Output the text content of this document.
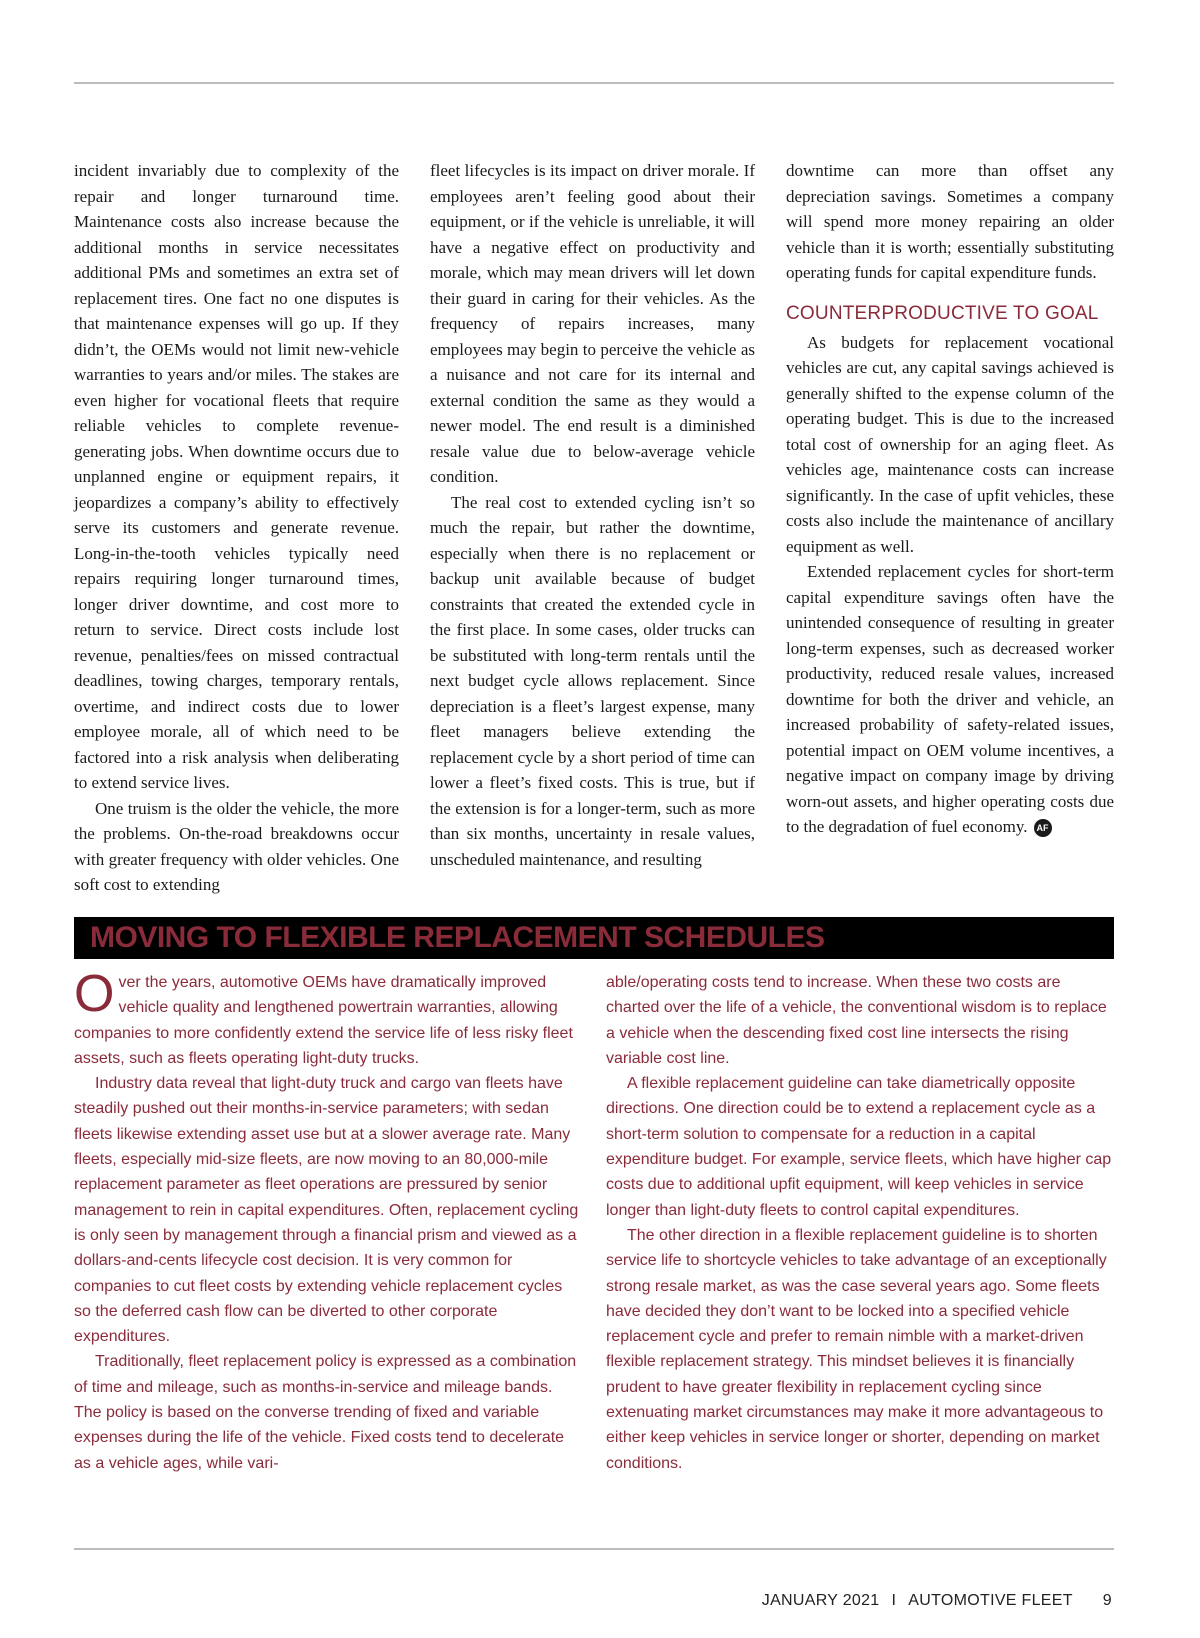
incident invariably due to complexity of the repair and longer turnaround time. Maintenance costs also increase because the additional months in service necessitates additional PMs and sometimes an extra set of replacement tires. One fact no one disputes is that maintenance expenses will go up. If they didn’t, the OEMs would not limit new-vehicle warranties to years and/or miles. The stakes are even higher for vocational fleets that require reliable vehicles to complete revenue-generating jobs. When downtime occurs due to unplanned engine or equipment repairs, it jeopardizes a company’s ability to effectively serve its customers and generate revenue. Long-in-the-tooth vehicles typically need repairs requiring longer turnaround times, longer driver downtime, and cost more to return to service. Direct costs include lost revenue, penalties/fees on missed contractual deadlines, towing charges, temporary rentals, overtime, and indirect costs due to lower employee morale, all of which need to be factored into a risk analysis when deliberating to extend service lives.

One truism is the older the vehicle, the more the problems. On-the-road breakdowns occur with greater frequency with older vehicles. One soft cost to extending

fleet lifecycles is its impact on driver morale. If employees aren’t feeling good about their equipment, or if the vehicle is unreliable, it will have a negative effect on productivity and morale, which may mean drivers will let down their guard in caring for their vehicles. As the frequency of repairs increases, many employees may begin to perceive the vehicle as a nuisance and not care for its internal and external condition the same as they would a newer model. The end result is a diminished resale value due to below-average vehicle condition.

The real cost to extended cycling isn’t so much the repair, but rather the downtime, especially when there is no replacement or backup unit available because of budget constraints that created the extended cycle in the first place. In some cases, older trucks can be substituted with long-term rentals until the next budget cycle allows replacement. Since depreciation is a fleet’s largest expense, many fleet managers believe extending the replacement cycle by a short period of time can lower a fleet’s fixed costs. This is true, but if the extension is for a longer-term, such as more than six months, uncertainty in resale values, unscheduled maintenance, and resulting

downtime can more than offset any depreciation savings. Sometimes a company will spend more money repairing an older vehicle than it is worth; essentially substituting operating funds for capital expenditure funds.

COUNTERPRODUCTIVE TO GOAL

As budgets for replacement vocational vehicles are cut, any capital savings achieved is generally shifted to the expense column of the operating budget. This is due to the increased total cost of ownership for an aging fleet. As vehicles age, maintenance costs can increase significantly. In the case of upfit vehicles, these costs also include the maintenance of ancillary equipment as well.

Extended replacement cycles for short-term capital expenditure savings often have the unintended consequence of resulting in greater long-term expenses, such as decreased worker productivity, reduced resale values, increased downtime for both the driver and vehicle, an increased probability of safety-related issues, potential impact on OEM volume incentives, a negative impact on company image by driving worn-out assets, and higher operating costs due to the degradation of fuel economy. AF

MOVING TO FLEXIBLE REPLACEMENT SCHEDULES

Over the years, automotive OEMs have dramatically improved vehicle quality and lengthened powertrain warranties, allowing companies to more confidently extend the service life of less risky fleet assets, such as fleets operating light-duty trucks.

Industry data reveal that light-duty truck and cargo van fleets have steadily pushed out their months-in-service parameters; with sedan fleets likewise extending asset use but at a slower average rate. Many fleets, especially mid-size fleets, are now moving to an 80,000-mile replacement parameter as fleet operations are pressured by senior management to rein in capital expenditures. Often, replacement cycling is only seen by management through a financial prism and viewed as a dollars-and-cents lifecycle cost decision. It is very common for companies to cut fleet costs by extending vehicle replacement cycles so the deferred cash flow can be diverted to other corporate expenditures.

Traditionally, fleet replacement policy is expressed as a combination of time and mileage, such as months-in-service and mileage bands. The policy is based on the converse trending of fixed and variable expenses during the life of the vehicle. Fixed costs tend to decelerate as a vehicle ages, while vari-

able/operating costs tend to increase. When these two costs are charted over the life of a vehicle, the conventional wisdom is to replace a vehicle when the descending fixed cost line intersects the rising variable cost line.

A flexible replacement guideline can take diametrically opposite directions. One direction could be to extend a replacement cycle as a short-term solution to compensate for a reduction in a capital expenditure budget. For example, service fleets, which have higher cap costs due to additional upfit equipment, will keep vehicles in service longer than light-duty fleets to control capital expenditures.

The other direction in a flexible replacement guideline is to shorten service life to shortcycle vehicles to take advantage of an exceptionally strong resale market, as was the case several years ago. Some fleets have decided they don’t want to be locked into a specified vehicle replacement cycle and prefer to remain nimble with a market-driven flexible replacement strategy. This mindset believes it is financially prudent to have greater flexibility in replacement cycling since extenuating market circumstances may make it more advantageous to either keep vehicles in service longer or shorter, depending on market conditions.

JANUARY 2021 I AUTOMOTIVE FLEET 9
